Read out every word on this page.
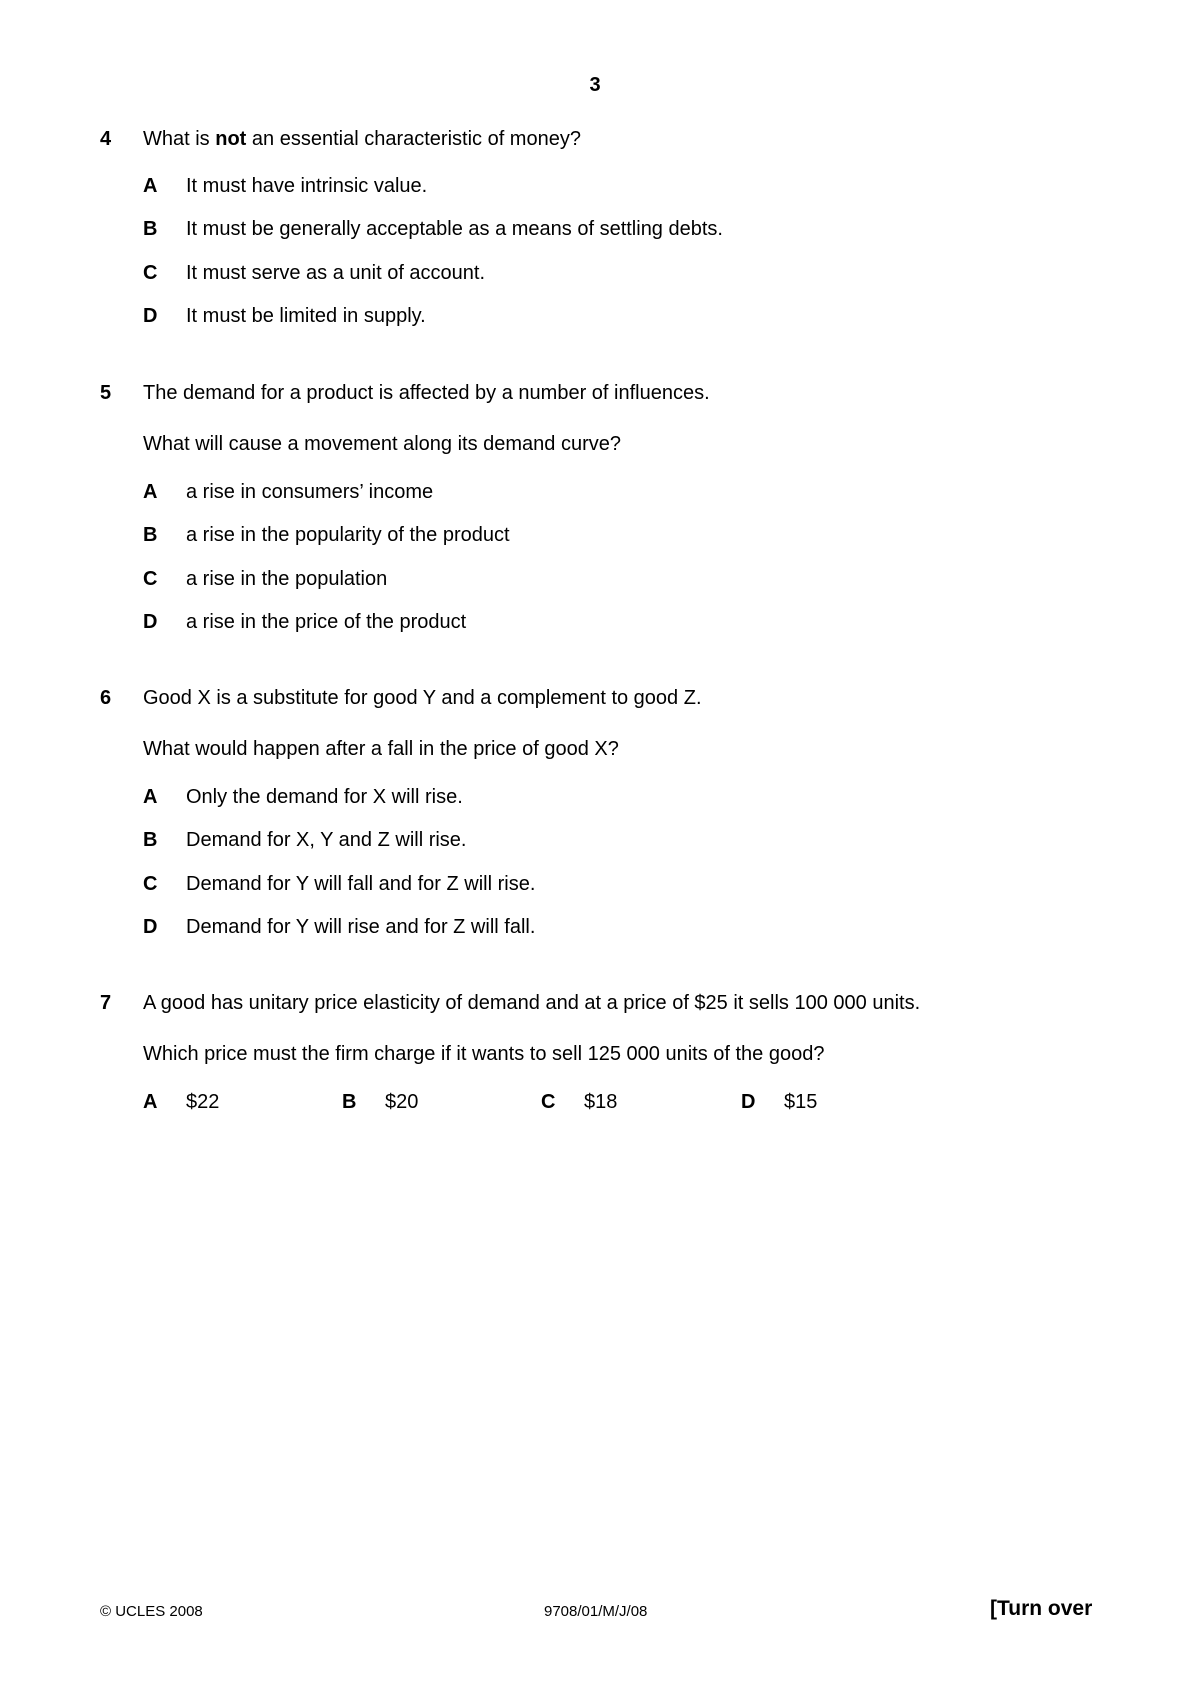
3
4 What is not an essential characteristic of money?
A It must have intrinsic value.
B It must be generally acceptable as a means of settling debts.
C It must serve as a unit of account.
D It must be limited in supply.
5 The demand for a product is affected by a number of influences.
What will cause a movement along its demand curve?
A a rise in consumers’ income
B a rise in the popularity of the product
C a rise in the population
D a rise in the price of the product
6 Good X is a substitute for good Y and a complement to good Z.
What would happen after a fall in the price of good X?
A Only the demand for X will rise.
B Demand for X, Y and Z will rise.
C Demand for Y will fall and for Z will rise.
D Demand for Y will rise and for Z will fall.
7 A good has unitary price elasticity of demand and at a price of $25 it sells 100 000 units.
Which price must the firm charge if it wants to sell 125 000 units of the good?
A $22	B $20	C $18	D $15
© UCLES 2008	9708/01/M/J/08	[Turn over
